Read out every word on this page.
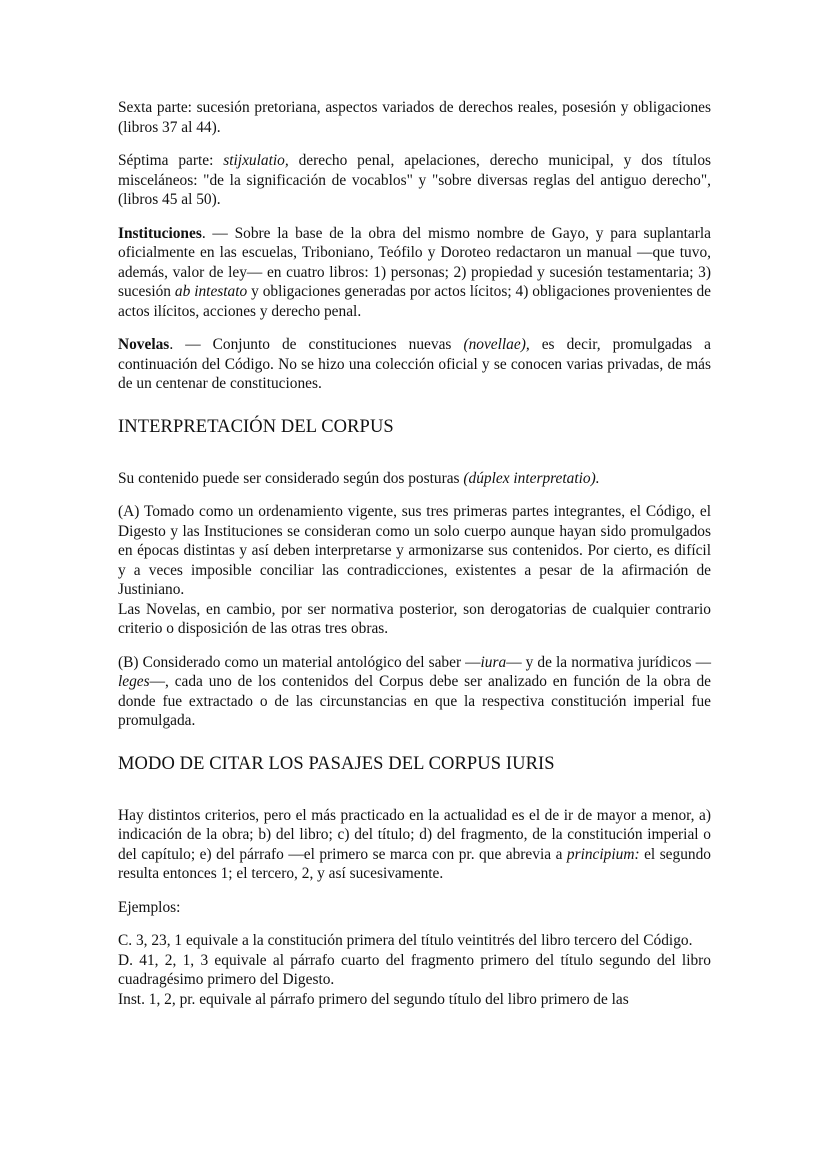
Sexta parte: sucesión pretoriana, aspectos variados de derechos reales, posesión y obligaciones (libros 37 al 44).

Séptima parte: stijxulatio, derecho penal, apelaciones, derecho municipal, y dos títulos misceláneos: "de la significación de vocablos" y "sobre diversas reglas del antiguo derecho", (libros 45 al 50).

Instituciones. — Sobre la base de la obra del mismo nombre de Gayo, y para suplantarla oficialmente en las escuelas, Triboniano, Teófilo y Doroteo redactaron un manual —que tuvo, además, valor de ley— en cuatro libros: 1) personas; 2) propiedad y sucesión testamentaria; 3) sucesión ab intestato y obligaciones generadas por actos lícitos; 4) obligaciones provenientes de actos ilícitos, acciones y derecho penal.

Novelas. — Conjunto de constituciones nuevas (novellae), es decir, promulgadas a continuación del Código. No se hizo una colección oficial y se conocen varias privadas, de más de un centenar de constituciones.

INTERPRETACIÓN DEL CORPUS

Su contenido puede ser considerado según dos posturas (dúplex interpretatio).

(A) Tomado como un ordenamiento vigente, sus tres primeras partes integrantes, el Código, el Digesto y las Instituciones se consideran como un solo cuerpo aunque hayan sido promulgados en épocas distintas y así deben interpretarse y armonizarse sus contenidos. Por cierto, es difícil y a veces imposible conciliar las contradicciones, existentes a pesar de la afirmación de Justiniano.
Las Novelas, en cambio, por ser normativa posterior, son derogatorias de cualquier contrario criterio o disposición de las otras tres obras.

(B) Considerado como un material antológico del saber —iura— y de la normativa jurídicos —leges—, cada uno de los contenidos del Corpus debe ser analizado en función de la obra de donde fue extractado o de las circunstancias en que la respectiva constitución imperial fue promulgada.

MODO DE CITAR LOS PASAJES DEL CORPUS IURIS

Hay distintos criterios, pero el más practicado en la actualidad es el de ir de mayor a menor, a) indicación de la obra; b) del libro; c) del título; d) del fragmento, de la constitución imperial o del capítulo; e) del párrafo —el primero se marca con pr. que abrevia a principium: el segundo resulta entonces 1; el tercero, 2, y así sucesivamente.

Ejemplos:

C. 3, 23, 1 equivale a la constitución primera del título veintitrés del libro tercero del Código.
D. 41, 2, 1, 3 equivale al párrafo cuarto del fragmento primero del título segundo del libro cuadragésimo primero del Digesto.
Inst. 1, 2, pr. equivale al párrafo primero del segundo título del libro primero de las
